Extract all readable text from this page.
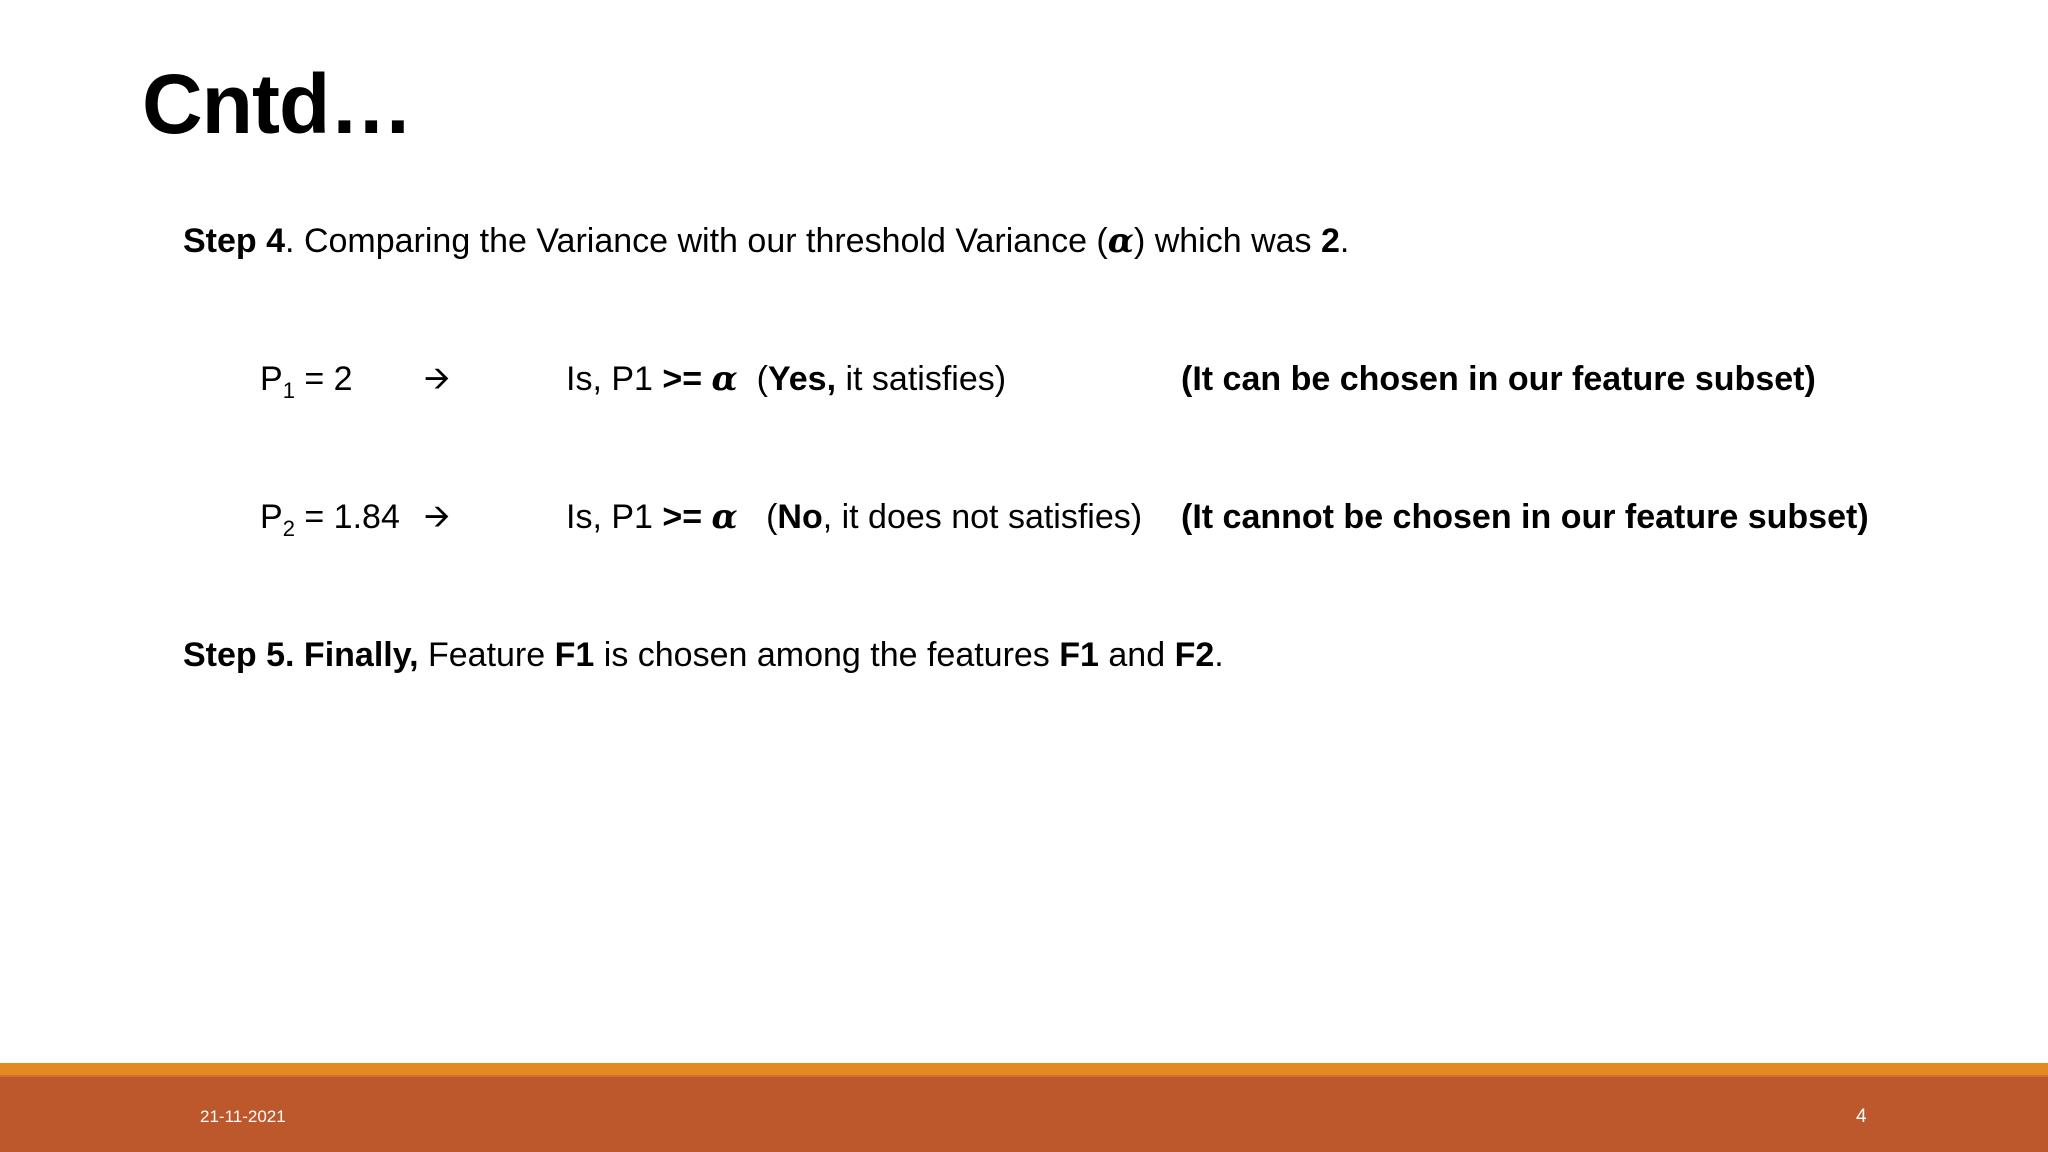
Cntd…
Step 4. Comparing the Variance with our threshold Variance (𝜶) which was 2.
$P_1 = 2$ 🡪	Is, P1 >= 𝜶 (Yes, it satisfies)	(It can be chosen in our feature subset)
$P_2 = 1.84$ 🡪	Is, P1 >= 𝜶 (No, it does not satisfies) (It cannot be chosen in our feature subset)
Step 5. Finally, Feature F1 is chosen among the features F1 and F2.
21-11-2021	4
